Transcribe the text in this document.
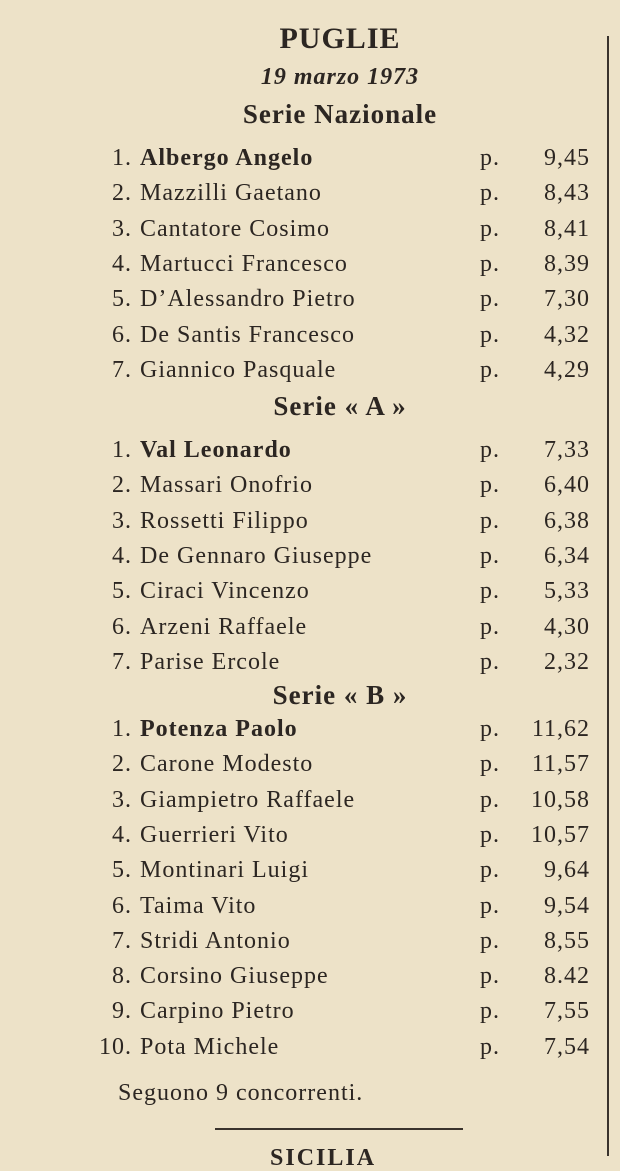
PUGLIE
19 marzo 1973
Serie Nazionale
1. Albergo Angelo	p. 9,45
2. Mazzilli Gaetano	p. 8,43
3. Cantatore Cosimo	p. 8,41
4. Martucci Francesco	p. 8,39
5. D’Alessandro Pietro	p. 7,30
6. De Santis Francesco	p. 4,32
7. Giannico Pasquale	p. 4,29
Serie « A »
1. Val Leonardo	p. 7,33
2. Massari Onofrio	p. 6,40
3. Rossetti Filippo	p. 6,38
4. De Gennaro Giuseppe	p. 6,34
5. Ciraci Vincenzo	p. 5,33
6. Arzeni Raffaele	p. 4,30
7. Parise Ercole	p. 2,32
Serie « B »
1. Potenza Paolo	p. 11,62
2. Carone Modesto	p. 11,57
3. Giampietro Raffaele	p. 10,58
4. Guerrieri Vito	p. 10,57
5. Montinari Luigi	p. 9,64
6. Taima Vito	p. 9,54
7. Stridi Antonio	p. 8,55
8. Corsino Giuseppe	p. 8.42
9. Carpino Pietro	p. 7,55
10. Pota Michele	p. 7,54
Seguono 9 concorrenti.
SICILIA
